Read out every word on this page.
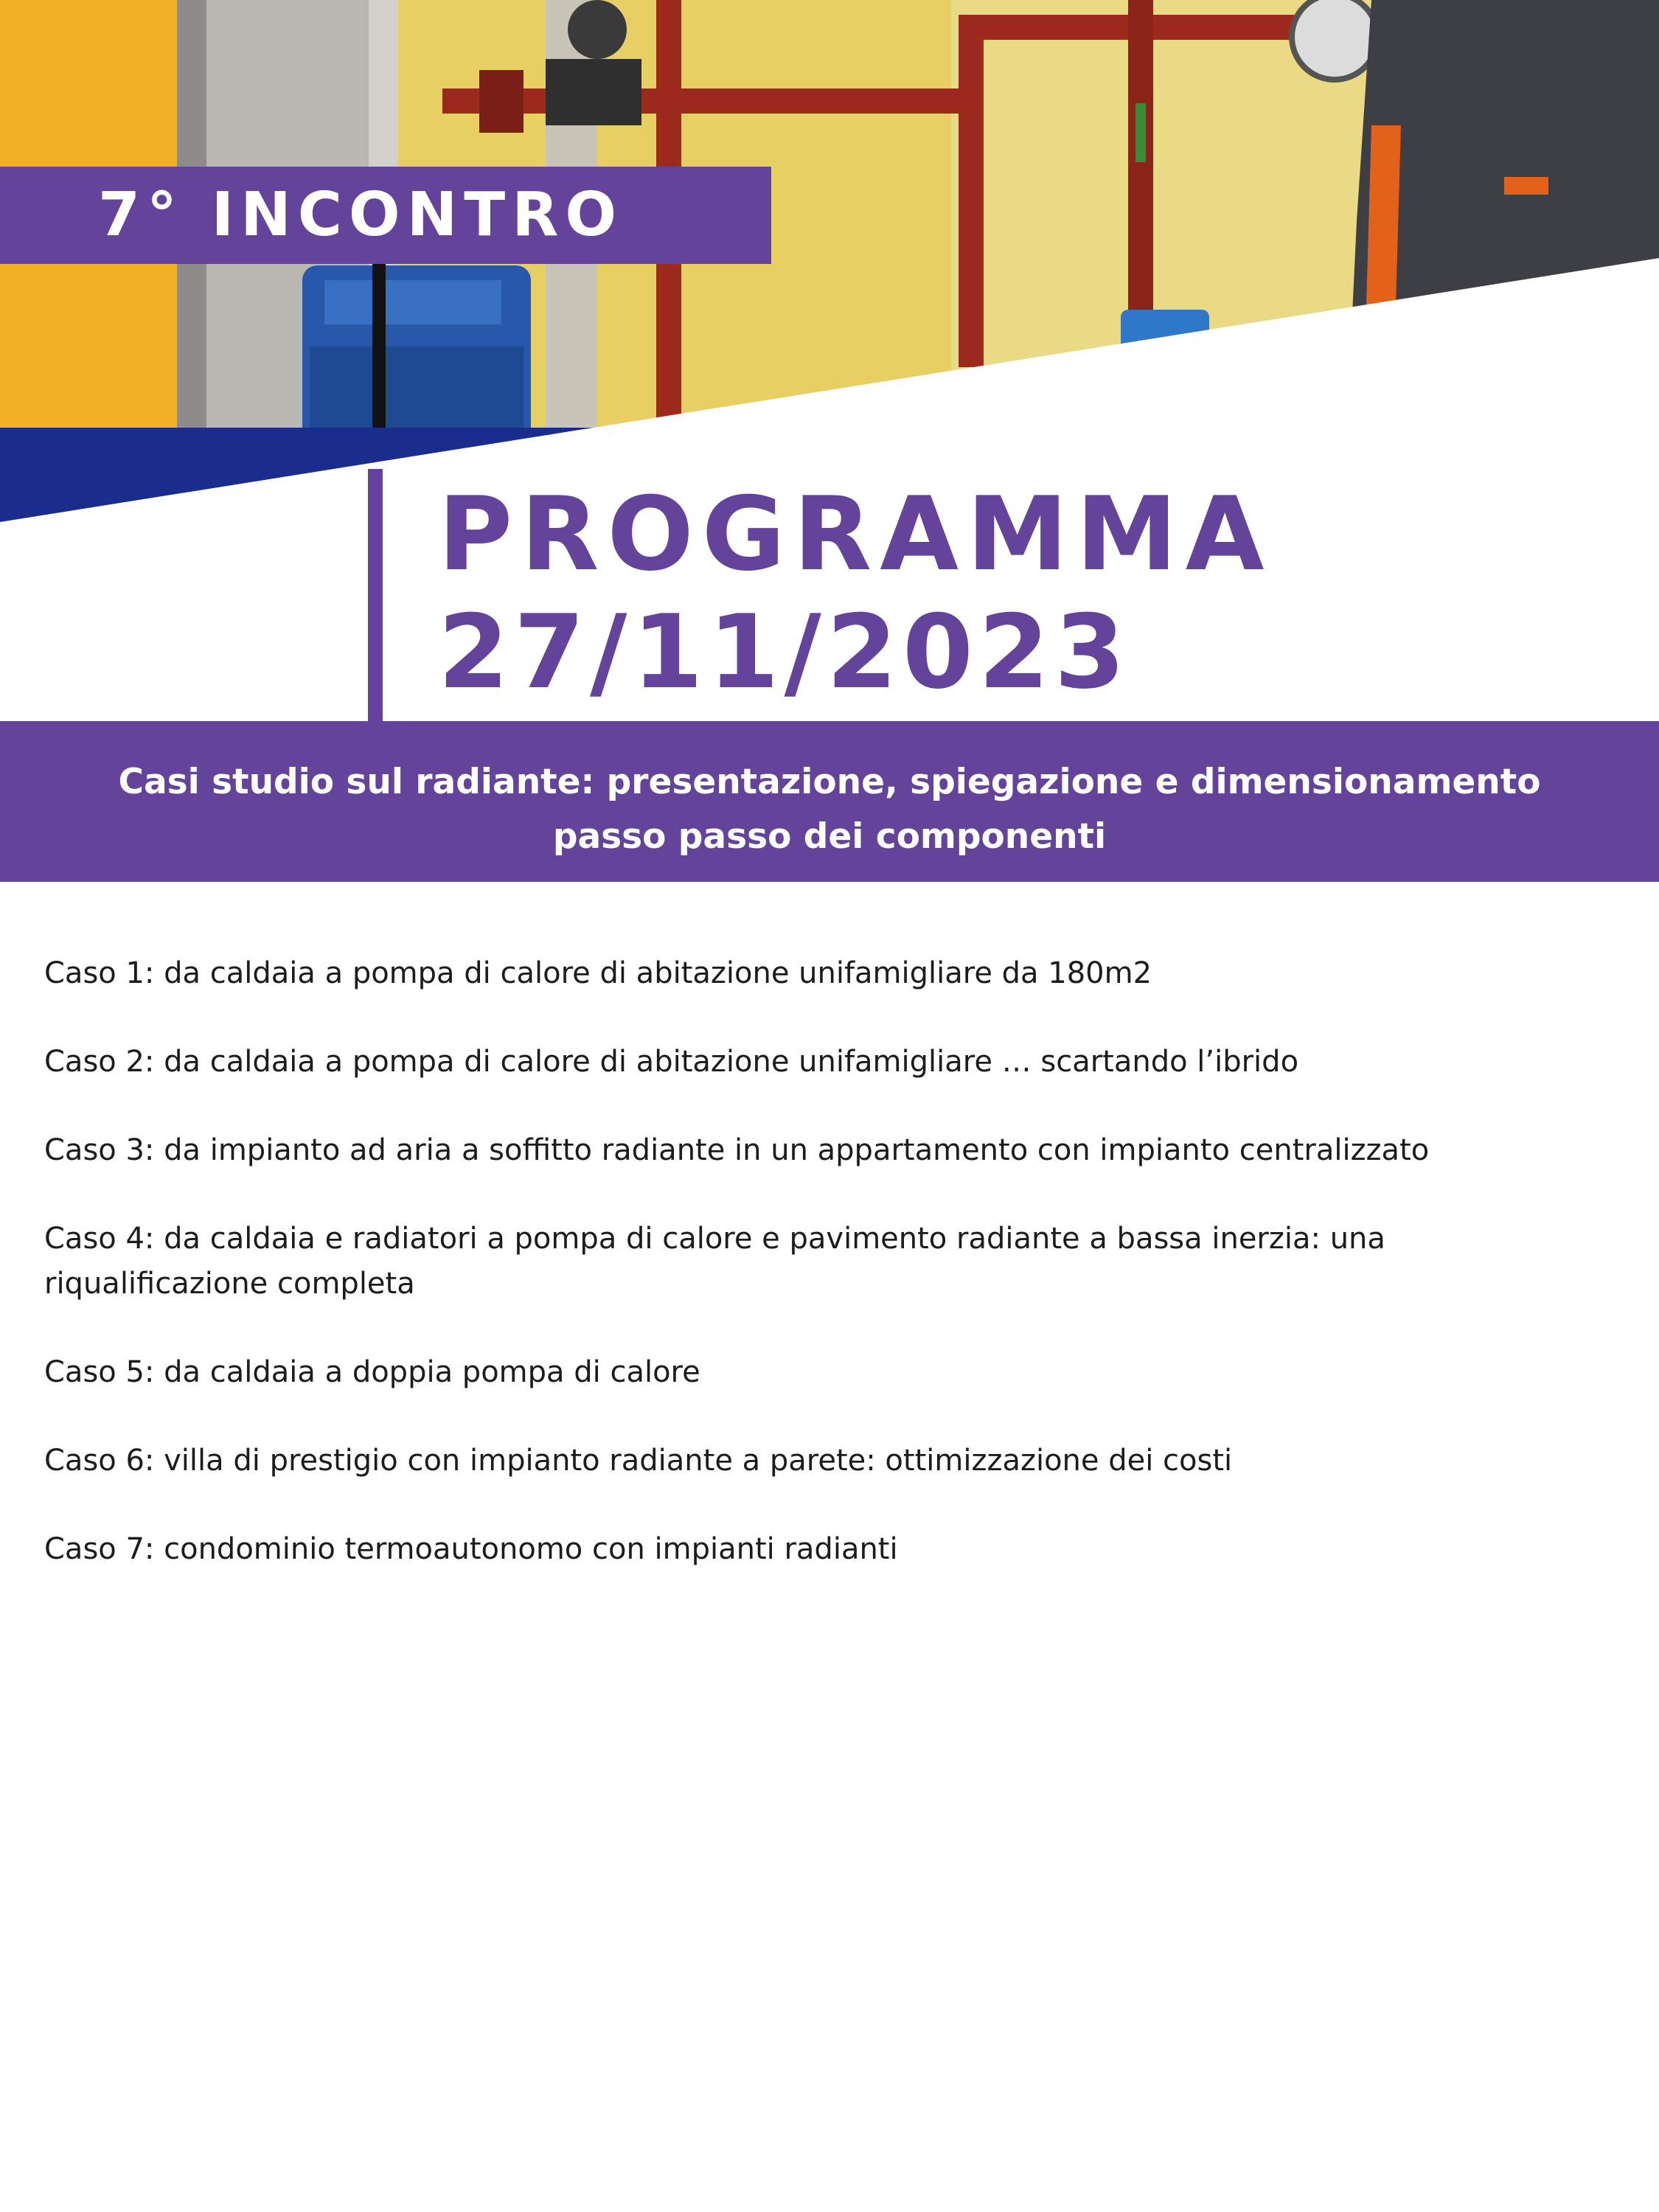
7° INCONTRO
PROGRAMMA
27/11/2023
Casi studio sul radiante: presentazione, spiegazione e dimensionamento
passo passo dei componenti
Caso 1: da caldaia a pompa di calore di abitazione unifamigliare da 180m2
Caso 2: da caldaia a pompa di calore di abitazione unifamigliare … scartando l’ibrido
Caso 3: da impianto ad aria a soffitto radiante in un appartamento con impianto centralizzato
Caso 4: da caldaia e radiatori a pompa di calore e pavimento radiante a bassa inerzia: una riqualificazione completa
Caso 5: da caldaia a doppia pompa di calore
Caso 6: villa di prestigio con impianto radiante a parete: ottimizzazione dei costi
Caso 7: condominio termoautonomo con impianti radianti
